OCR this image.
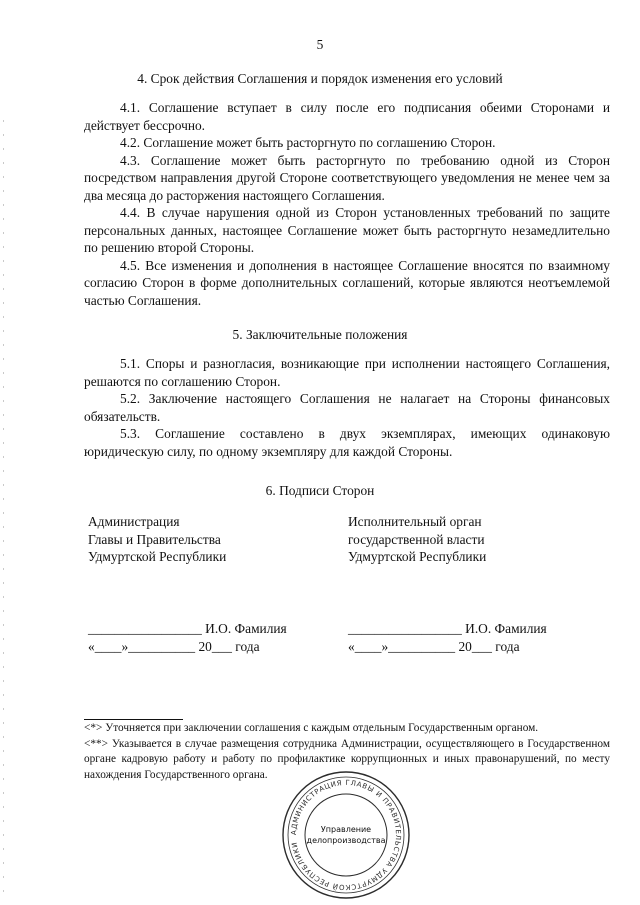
5
4. Срок действия Соглашения и порядок изменения его условий

4.1. Соглашение вступает в силу после его подписания обеими Сторонами и действует бессрочно.

4.2. Соглашение может быть расторгнуто по соглашению Сторон.

4.3. Соглашение может быть расторгнуто по требованию одной из Сторон посредством направления другой Стороне соответствующего уведомления не менее чем за два месяца до расторжения настоящего Соглашения.

4.4. В случае нарушения одной из Сторон установленных требований по защите персональных данных, настоящее Соглашение может быть расторгнуто незамедлительно по решению второй Стороны.

4.5. Все изменения и дополнения в настоящее Соглашение вносятся по взаимному согласию Сторон в форме дополнительных соглашений, которые являются неотъемлемой частью Соглашения.

5. Заключительные положения

5.1. Споры и разногласия, возникающие при исполнении настоящего Соглашения, решаются по соглашению Сторон.

5.2. Заключение настоящего Соглашения не налагает на Стороны финансовых обязательств.

5.3. Соглашение составлено в двух экземплярах, имеющих одинаковую юридическую силу, по одному экземпляру для каждой Стороны.

6. Подписи Сторон
Администрация
Главы и Правительства
Удмуртской Республики
Исполнительный орган
государственной власти
Удмуртской Республики
_________________ И.О. Фамилия	_________________ И.О. Фамилия
«____»__________ 20___ года	«____»__________ 20___ года

<*> Уточняется при заключении соглашения с каждым отдельным Государственным органом.

<**> Указывается в случае размещения сотрудника Администрации, осуществляющего в Государственном органе кадровую работу и работу по профилактике коррупционных и иных правонарушений, по месту нахождения Государственного органа.

АДМИНИСТРАЦИЯ ГЛАВЫ И ПРАВИТЕЛЬСТВА УДМУРТСКОЙ РЕСПУБЛИКИ
Управление
делопроизводства
